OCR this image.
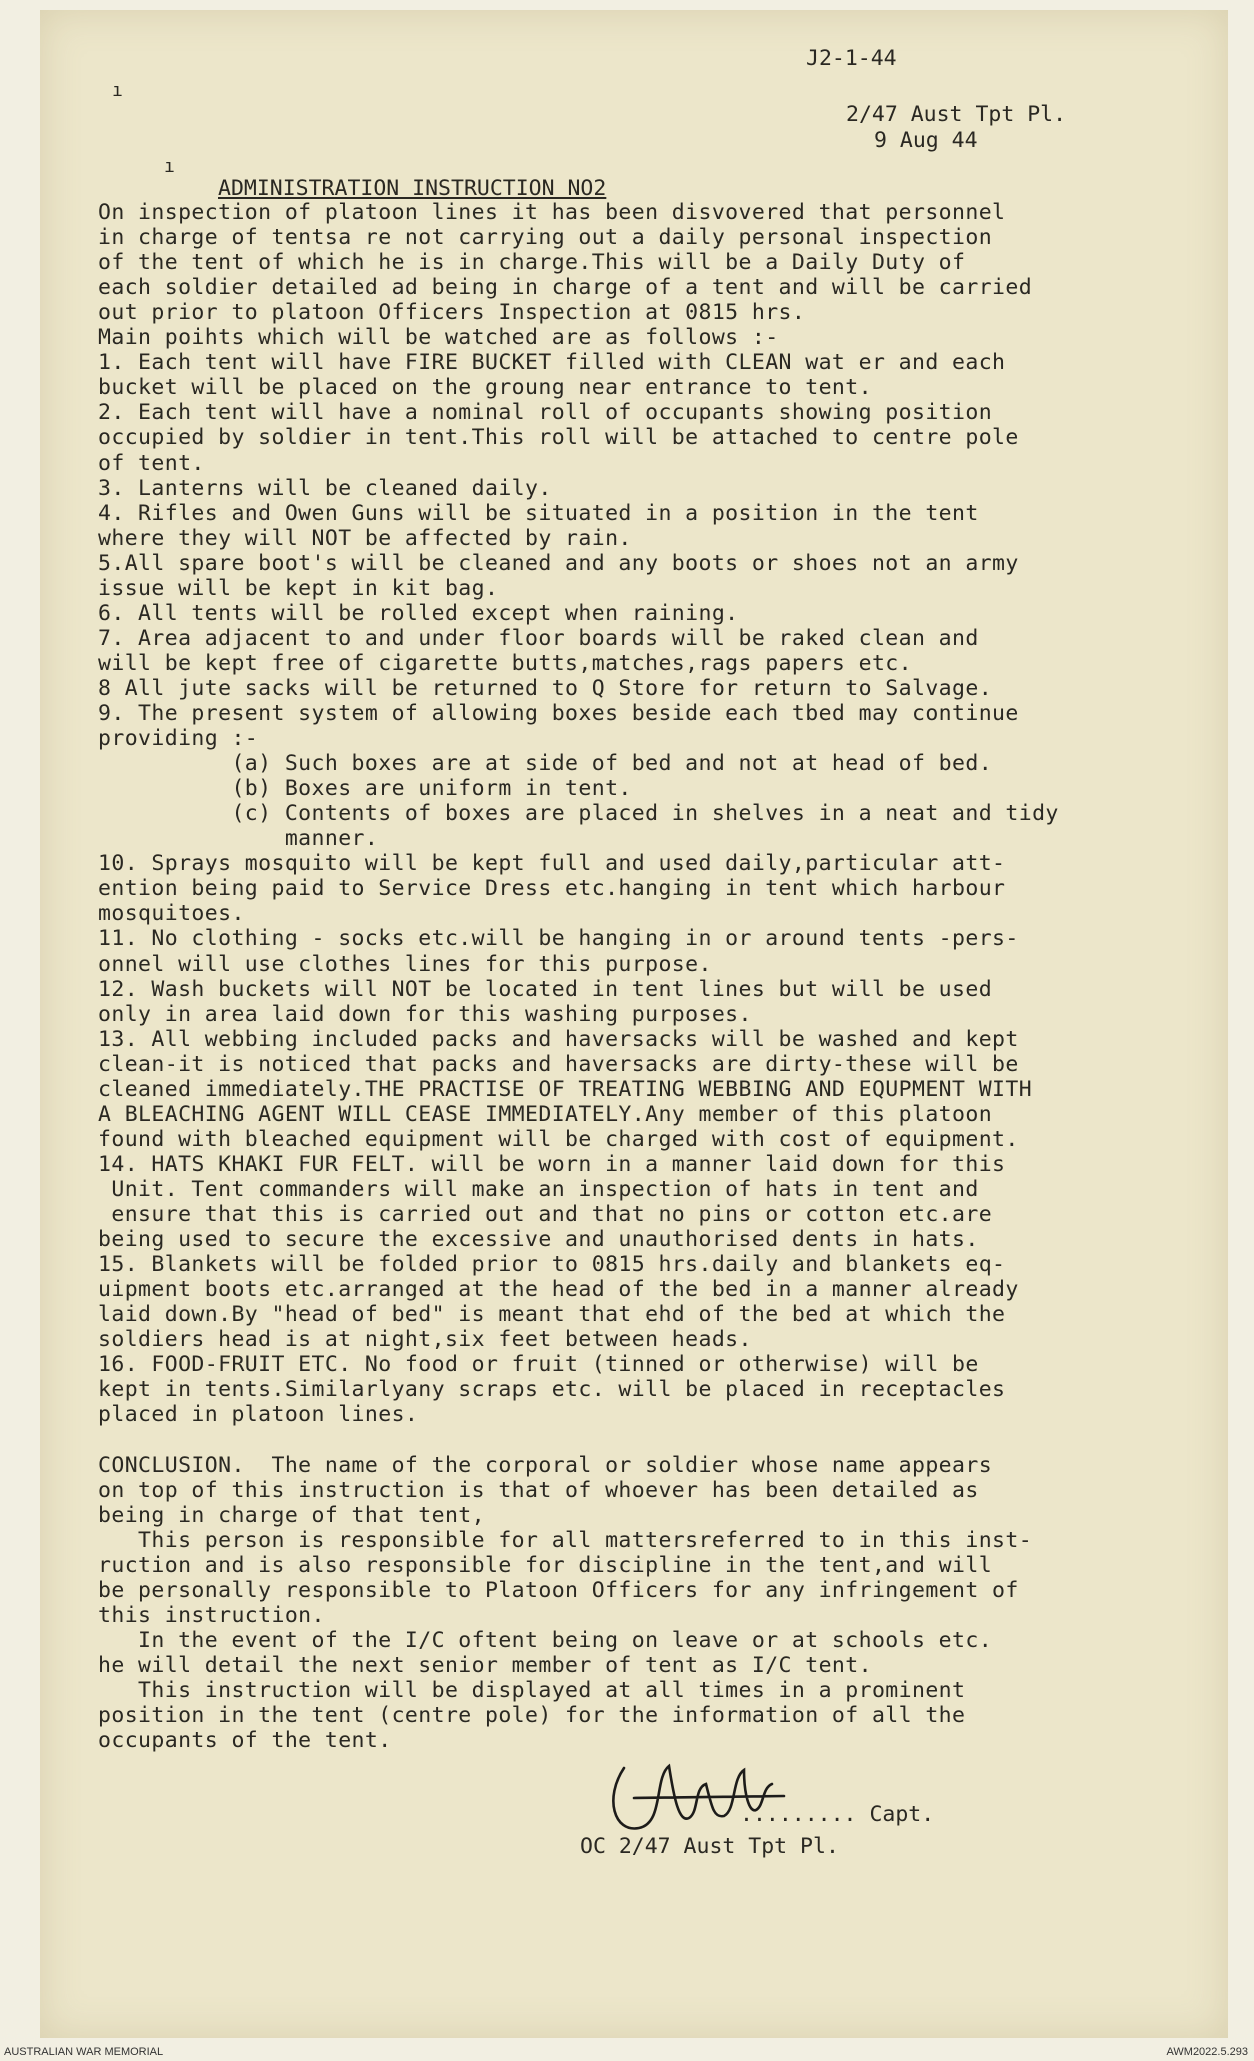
ı
ı
J2-1-44
2/47 Aust Tpt Pl.
9 Aug 44
ADMINISTRATION INSTRUCTION NO2
On inspection of platoon lines it has been disvovered that personnel
in charge of tentsa re not carrying out a daily personal inspection
of the tent of which he is in charge.This will be a Daily Duty of
each soldier detailed ad being in charge of a tent and will be carried
out prior to platoon Officers Inspection at 0815 hrs.
Main poihts which will be watched are as follows :-
1. Each tent will have FIRE BUCKET filled with CLEAN wat er and each
bucket will be placed on the groung near entrance to tent.
2. Each tent will have a nominal roll of occupants showing position
occupied by soldier in tent.This roll will be attached to centre pole
of tent.
3. Lanterns will be cleaned daily.
4. Rifles and Owen Guns will be situated in a position in the tent
where they will NOT be affected by rain.
5.All spare boot's will be cleaned and any boots or shoes not an army
issue will be kept in kit bag.
6. All tents will be rolled except when raining.
7. Area adjacent to and under floor boards will be raked clean and
will be kept free of cigarette butts,matches,rags papers etc.
8 All jute sacks will be returned to Q Store for return to Salvage.
9. The present system of allowing boxes beside each tbed may continue
providing :-
(a) Such boxes are at side of bed and not at head of bed.
(b) Boxes are uniform in tent.
(c) Contents of boxes are placed in shelves in a neat and tidy
manner.
10. Sprays mosquito will be kept full and used daily,particular att-
ention being paid to Service Dress etc.hanging in tent which harbour
mosquitoes.
11. No clothing - socks etc.will be hanging in or around tents -pers-
onnel will use clothes lines for this purpose.
12. Wash buckets will NOT be located in tent lines but will be used
only in area laid down for this washing purposes.
13. All webbing included packs and haversacks will be washed and kept
clean-it is noticed that packs and haversacks are dirty-these will be
cleaned immediately.THE PRACTISE OF TREATING WEBBING AND EQUPMENT WITH
A BLEACHING AGENT WILL CEASE IMMEDIATELY.Any member of this platoon
found with bleached equipment will be charged with cost of equipment.
14. HATS KHAKI FUR FELT. will be worn in a manner laid down for this
Unit. Tent commanders will make an inspection of hats in tent and
ensure that this is carried out and that no pins or cotton etc.are
being used to secure the excessive and unauthorised dents in hats.
15. Blankets will be folded prior to 0815 hrs.daily and blankets eq-
uipment boots etc.arranged at the head of the bed in a manner already
laid down.By "head of bed" is meant that ehd of the bed at which the
soldiers head is at night,six feet between heads.
16. FOOD-FRUIT ETC. No food or fruit (tinned or otherwise) will be
kept in tents.Similarlyany scraps etc. will be placed in receptacles
placed in platoon lines.
CONCLUSION.  The name of the corporal or soldier whose name appears
on top of this instruction is that of whoever has been detailed as
being in charge of that tent,
This person is responsible for all mattersreferred to in this inst-
ruction and is also responsible for discipline in the tent,and will
be personally responsible to Platoon Officers for any infringement of
this instruction.
In the event of the I/C oftent being on leave or at schools etc.
he will detail the next senior member of tent as I/C tent.
This instruction will be displayed at all times in a prominent
position in the tent (centre pole) for the information of all the
occupants of the tent.
......... Capt.
OC 2/47 Aust Tpt Pl.
AUSTRALIAN WAR MEMORIAL	AWM2022.5.293
